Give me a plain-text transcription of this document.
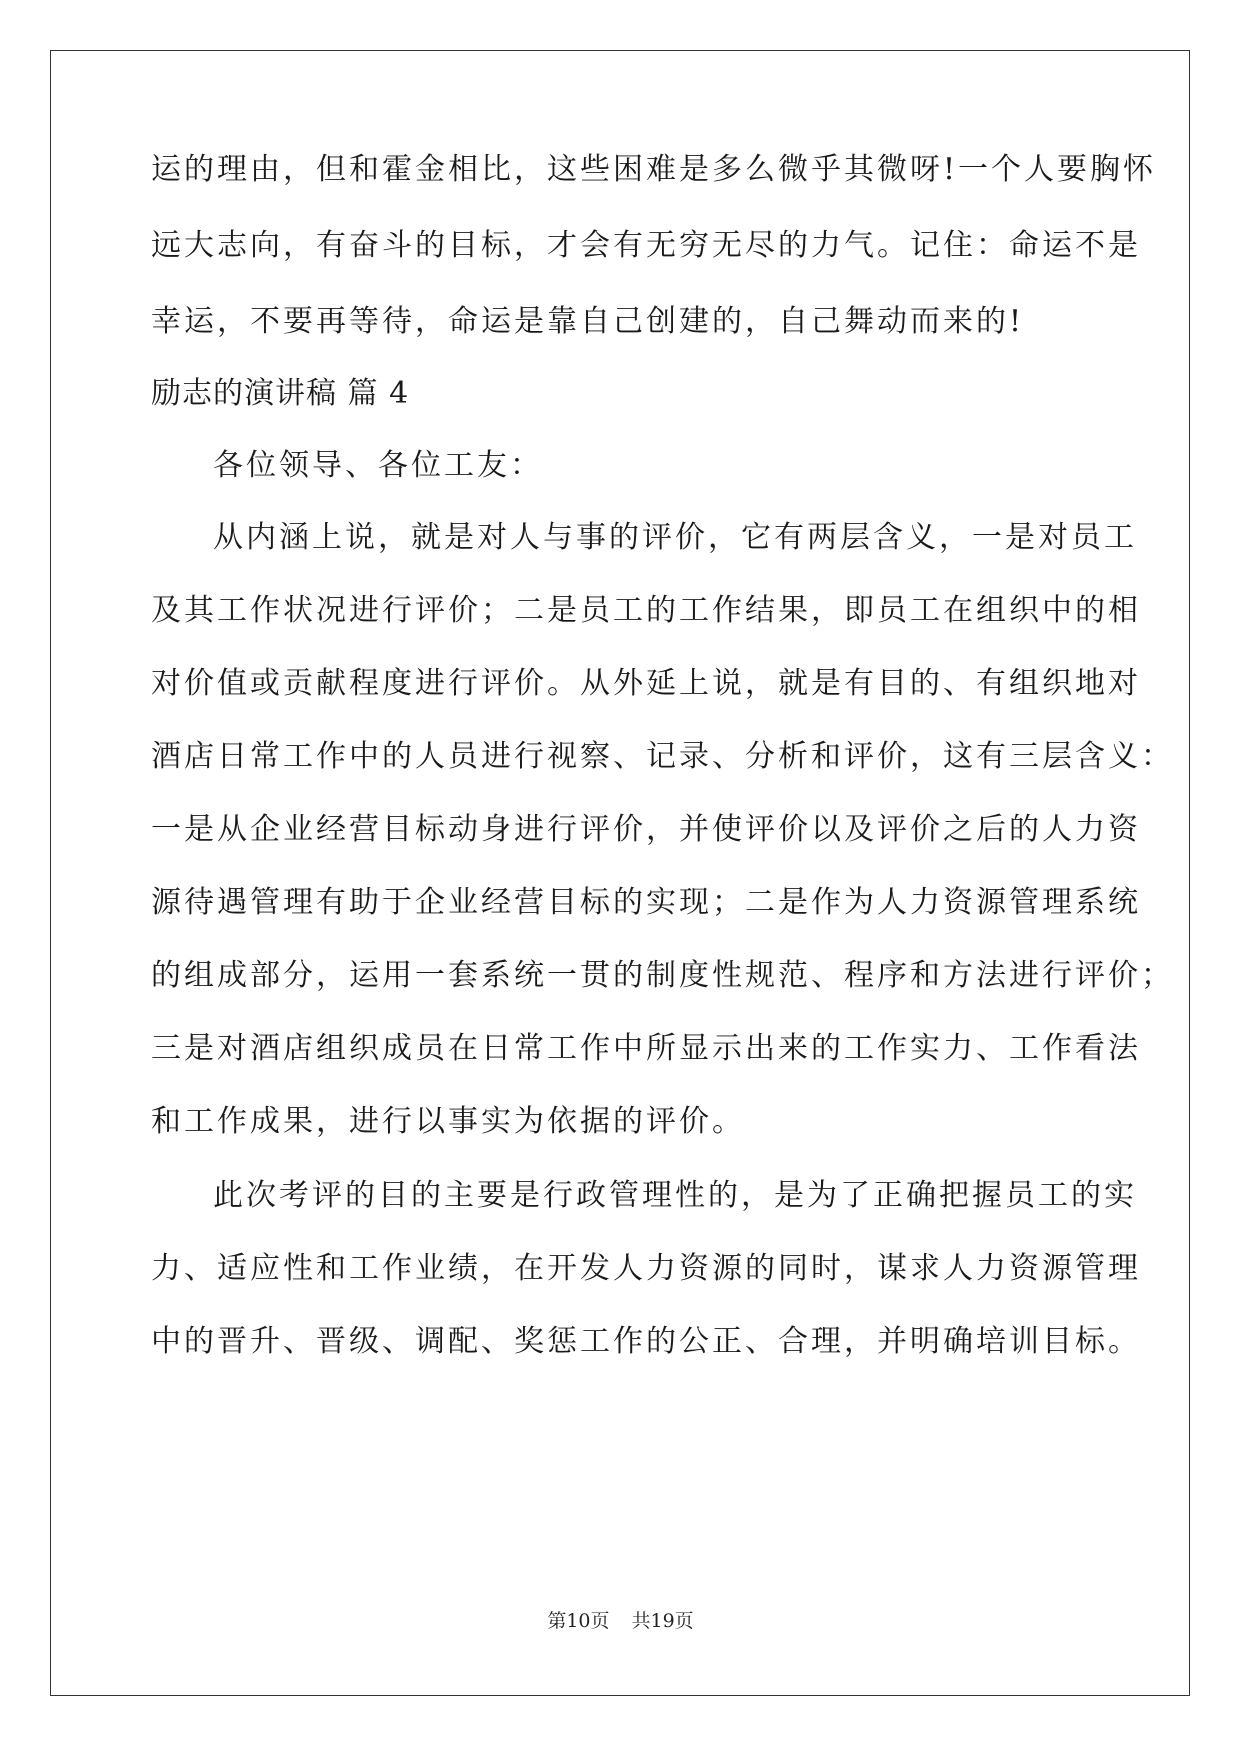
运的理由，但和霍金相比，这些困难是多么微乎其微呀!一个人要胸怀

远大志向，有奋斗的目标，才会有无穷无尽的力气。记住：命运不是

幸运，不要再等待，命运是靠自己创建的，自己舞动而来的!

励志的演讲稿 篇 4

各位领导、各位工友：

从内涵上说，就是对人与事的评价，它有两层含义，一是对员工

及其工作状况进行评价；二是员工的工作结果，即员工在组织中的相

对价值或贡献程度进行评价。从外延上说，就是有目的、有组织地对

酒店日常工作中的人员进行视察、记录、分析和评价，这有三层含义：

一是从企业经营目标动身进行评价，并使评价以及评价之后的人力资

源待遇管理有助于企业经营目标的实现；二是作为人力资源管理系统

的组成部分，运用一套系统一贯的制度性规范、程序和方法进行评价；

三是对酒店组织成员在日常工作中所显示出来的工作实力、工作看法

和工作成果，进行以事实为依据的评价。

此次考评的目的主要是行政管理性的，是为了正确把握员工的实

力、适应性和工作业绩，在开发人力资源的同时，谋求人力资源管理

中的晋升、晋级、调配、奖惩工作的公正、合理，并明确培训目标。

第10页 共19页
